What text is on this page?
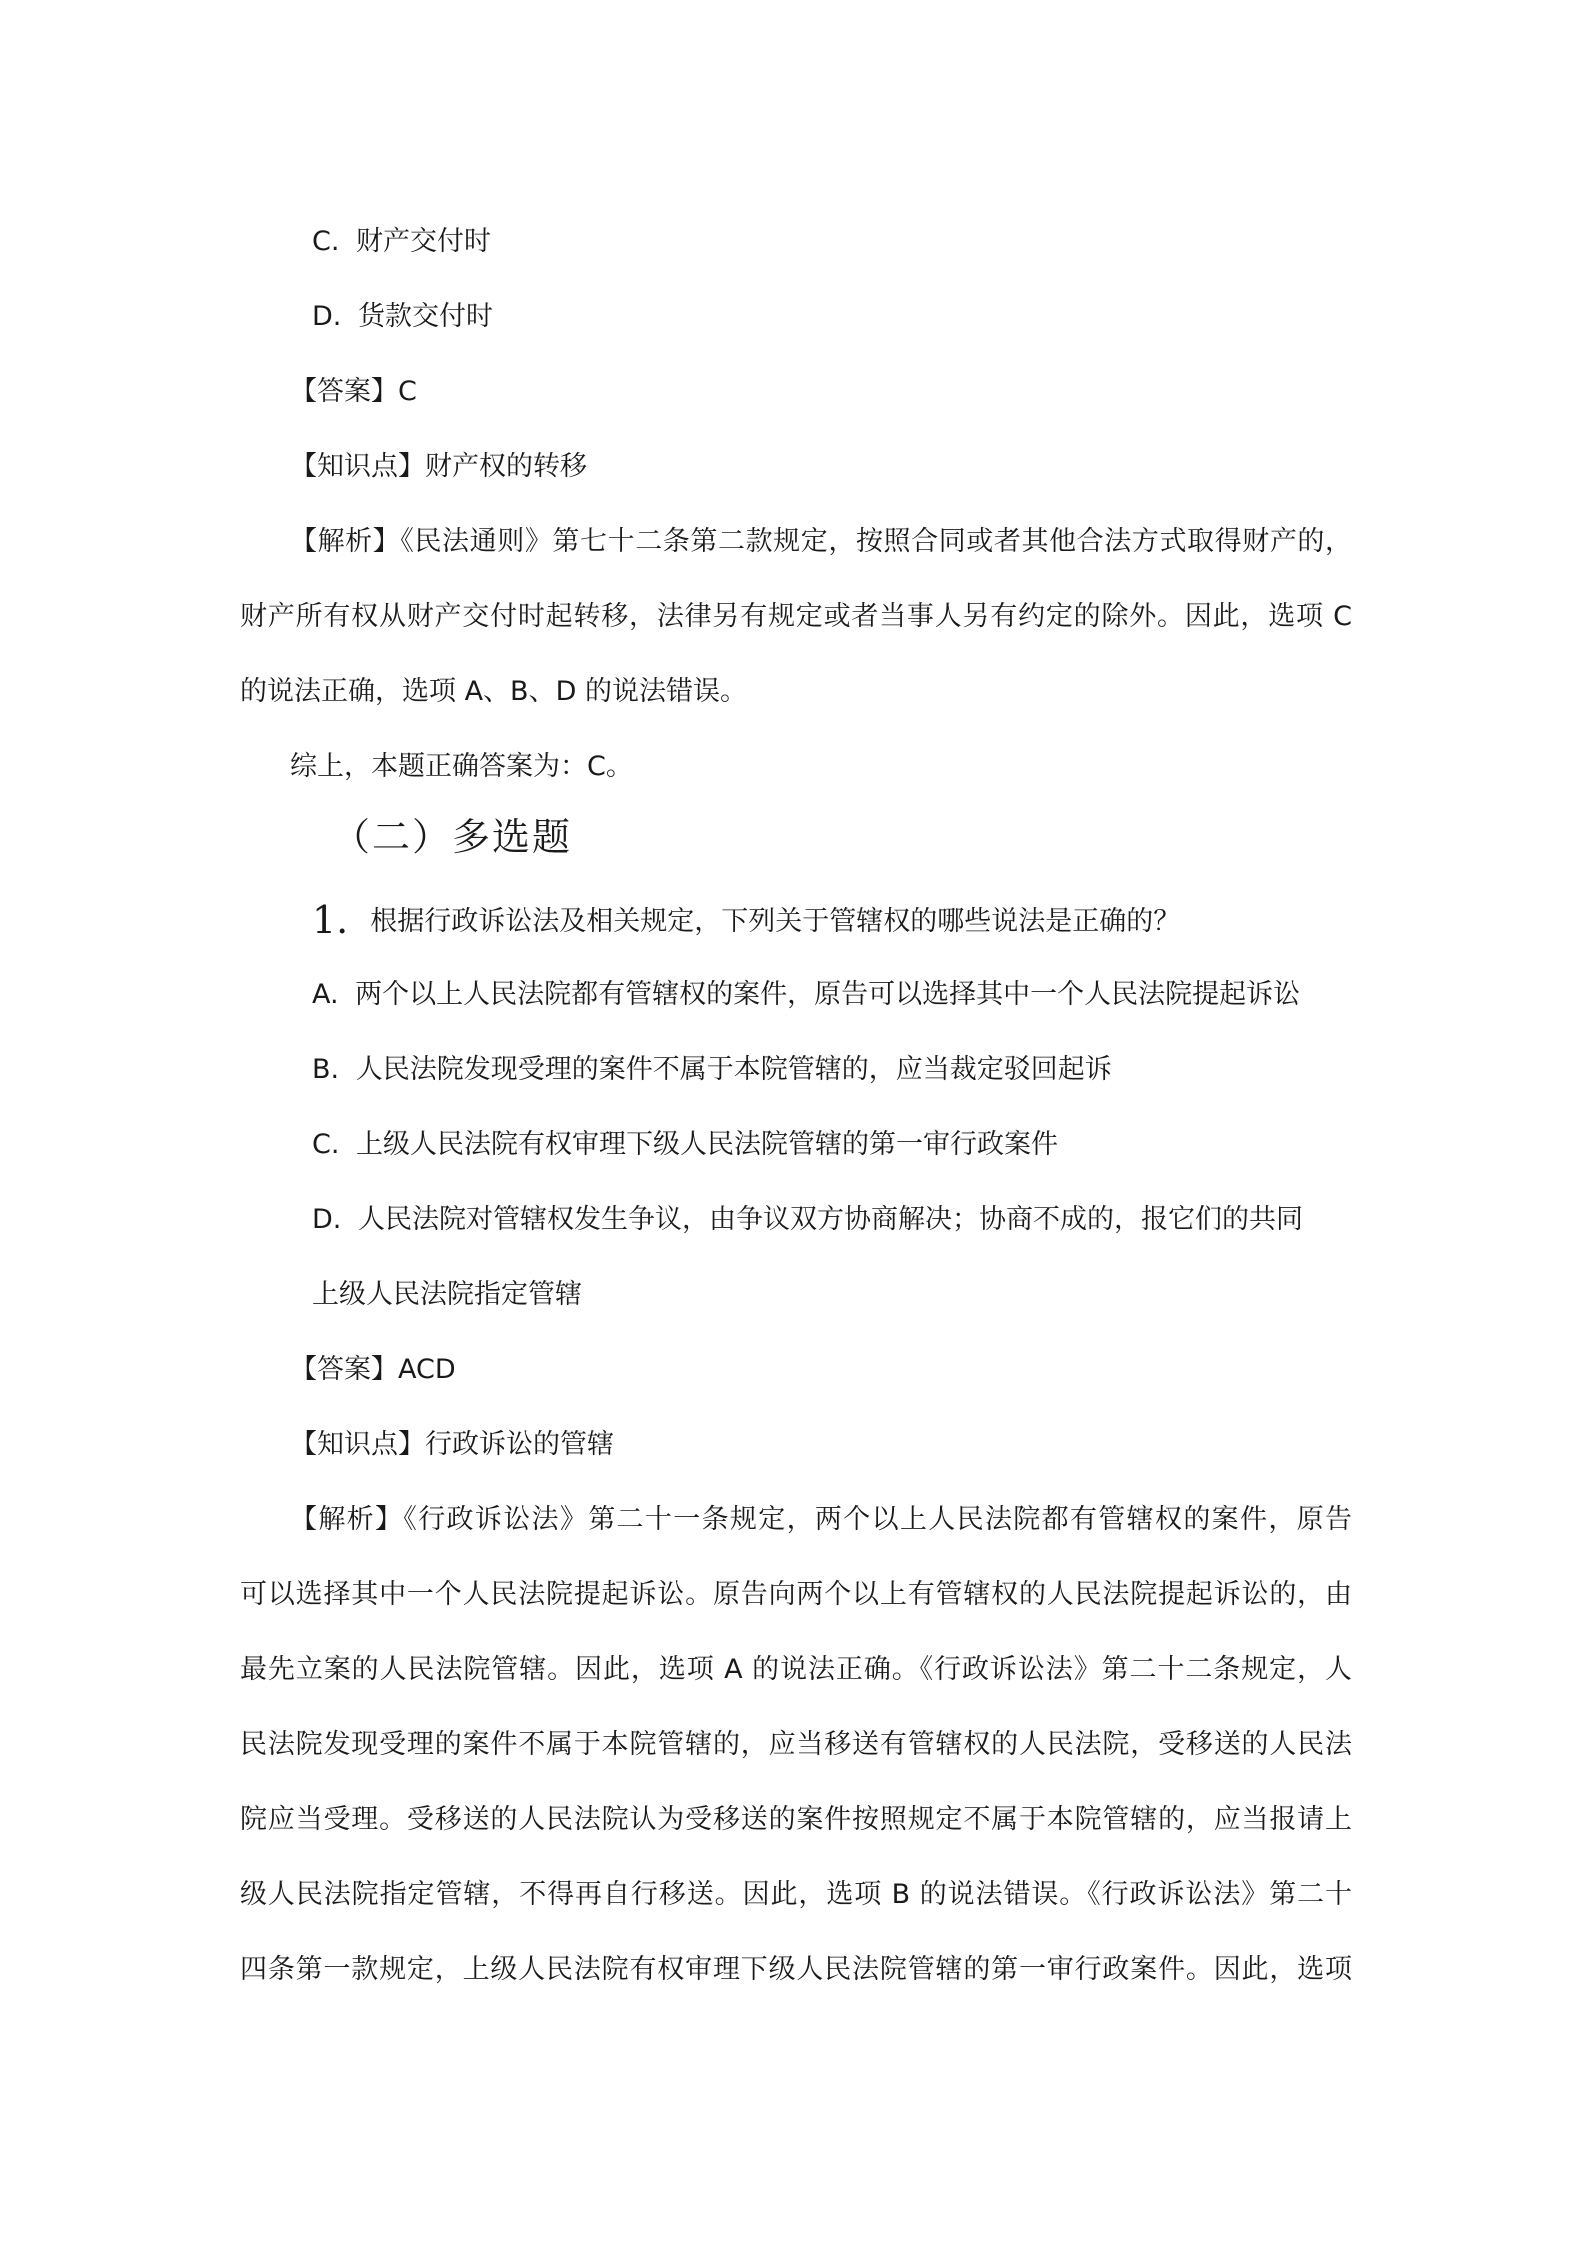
C. 财产交付时
D. 货款交付时
【答案】C
【知识点】财产权的转移
【解析】《民法通则》第七十二条第二款规定，按照合同或者其他合法方式取得财产的，
财产所有权从财产交付时起转移，法律另有规定或者当事人另有约定的除外。因此，选项 C
的说法正确，选项 A、B、D 的说法错误。
综上，本题正确答案为：C。
（二）多选题
1. 根据行政诉讼法及相关规定，下列关于管辖权的哪些说法是正确的？
A. 两个以上人民法院都有管辖权的案件，原告可以选择其中一个人民法院提起诉讼
B. 人民法院发现受理的案件不属于本院管辖的，应当裁定驳回起诉
C. 上级人民法院有权审理下级人民法院管辖的第一审行政案件
D. 人民法院对管辖权发生争议，由争议双方协商解决；协商不成的，报它们的共同
上级人民法院指定管辖
【答案】ACD
【知识点】行政诉讼的管辖
【解析】《行政诉讼法》第二十一条规定，两个以上人民法院都有管辖权的案件，原告
可以选择其中一个人民法院提起诉讼。原告向两个以上有管辖权的人民法院提起诉讼的，由
最先立案的人民法院管辖。因此，选项 A 的说法正确。《行政诉讼法》第二十二条规定，人
民法院发现受理的案件不属于本院管辖的，应当移送有管辖权的人民法院，受移送的人民法
院应当受理。受移送的人民法院认为受移送的案件按照规定不属于本院管辖的，应当报请上
级人民法院指定管辖，不得再自行移送。因此，选项 B 的说法错误。《行政诉讼法》第二十
四条第一款规定，上级人民法院有权审理下级人民法院管辖的第一审行政案件。因此，选项
